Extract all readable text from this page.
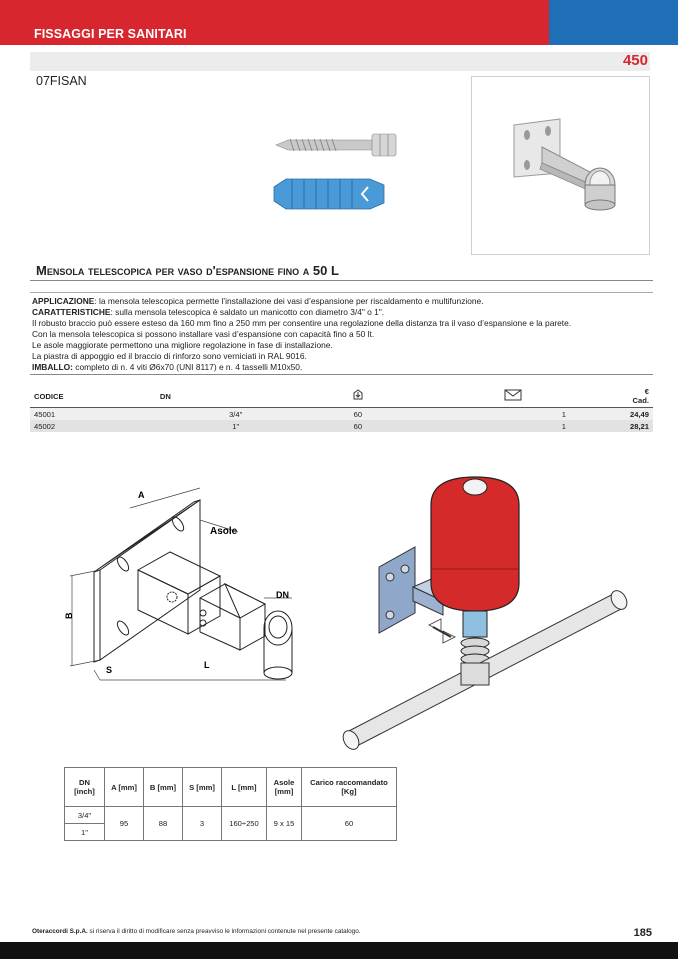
FISSAGGI PER SANITARI
450
07FISAN
Mensola telescopica per vaso d'espansione fino a 50 L
APPLICAZIONE: la mensola telescopica permette l’installazione dei vasi d’espansione per riscaldamento e multifunzione.
CARATTERISTICHE: sulla mensola telescopica è saldato un manicotto con diametro 3/4" o 1".
Il robusto braccio può essere esteso da 160 mm fino a 250 mm per consentire una regolazione della distanza tra il vaso d’espansione e la parete.
Con la mensola telescopica si possono installare vasi d’espansione con capacità fino a 50 lt.
Le asole maggiorate permettono una migliore regolazione in fase di installazione.
La piastra di appoggio ed il braccio di rinforzo sono verniciati in RAL 9016.
IMBALLO: completo di n. 4 viti Ø6x70 (UNI 8117) e n. 4 tasselli M10x50.
CODICE	DN			€ Cad.
45001	3/4"	60	1	24,49
45002	1"	60	1	28,21
A
B
Asole
DN
S	L
DN [inch]	A [mm]	B [mm]	S [mm]	L [mm]	Asole [mm]	Carico raccomandato [Kg]
3/4"	95	88	3	160÷250	9 x 15	60
1"						
Oteraccordi S.p.A. si riserva il diritto di modificare senza preavviso le informazioni contenute nel presente catalogo.	185
